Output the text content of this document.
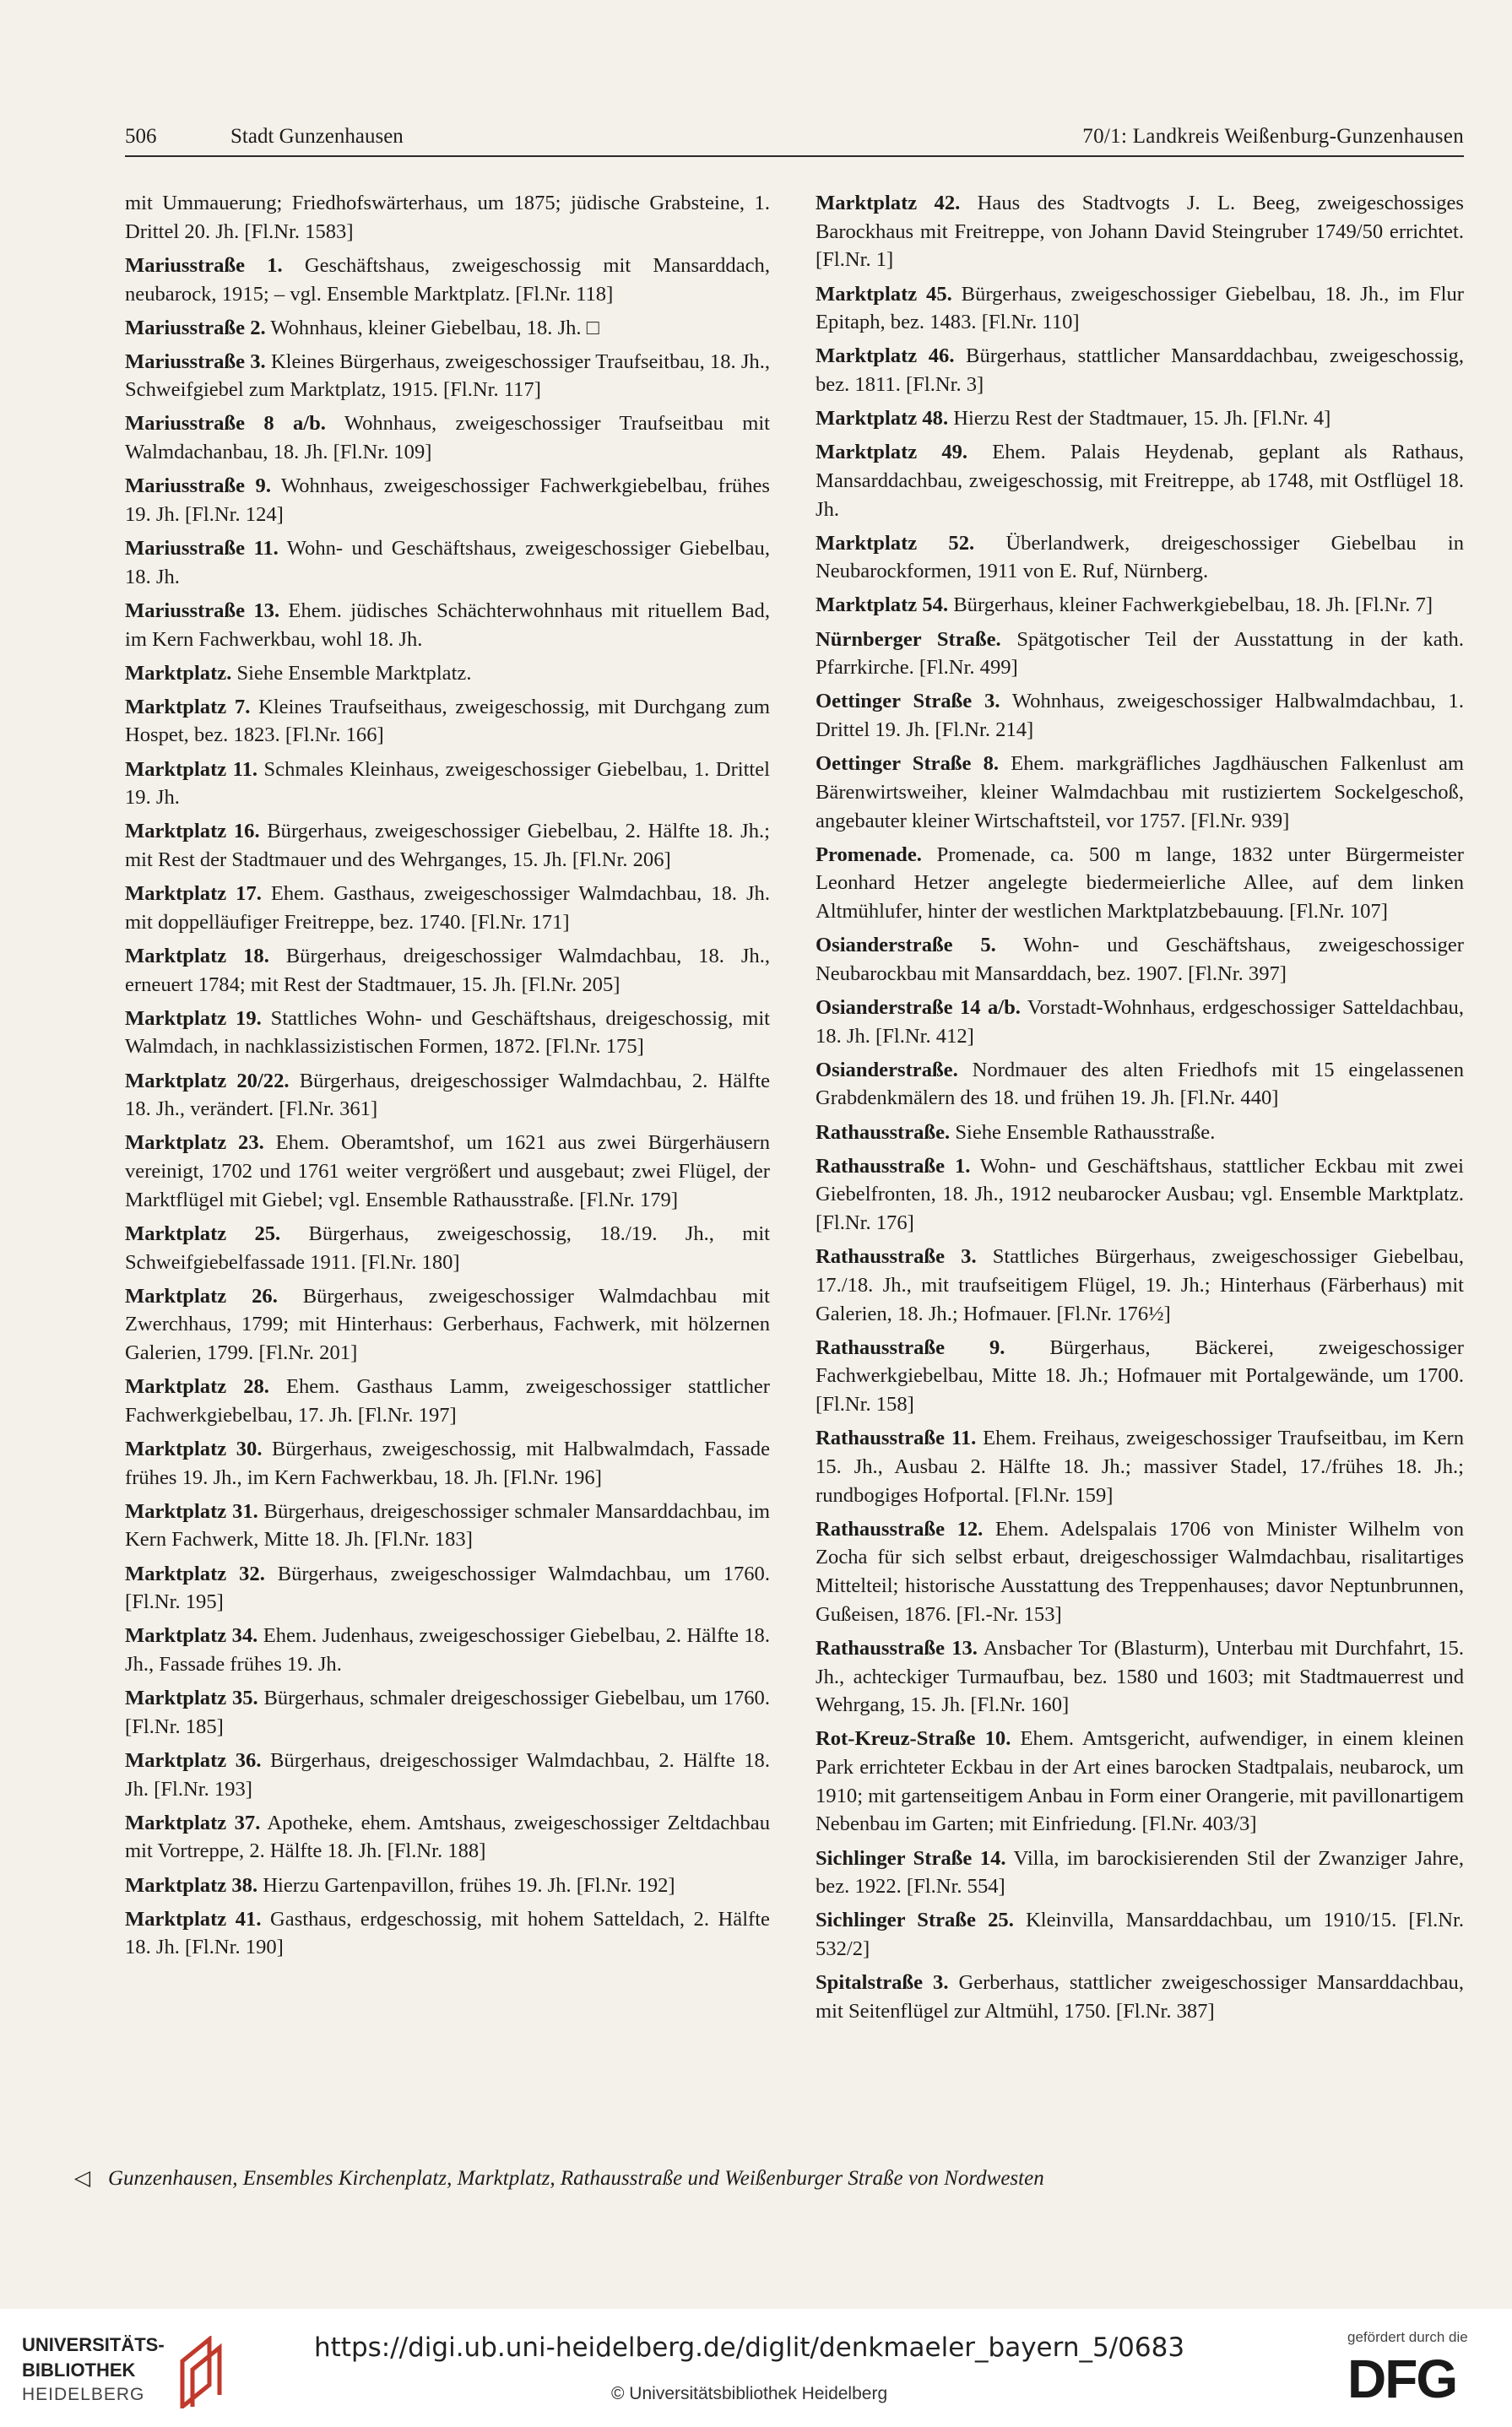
506	Stadt Gunzenhausen	70/1: Landkreis Weißenburg-Gunzenhausen

mit Ummauerung; Friedhofswärterhaus, um 1875; jüdische Grabsteine, 1. Drittel 20. Jh. [Fl.Nr. 1583]

Mariusstraße 1. Geschäftshaus, zweigeschossig mit Mansarddach, neubarock, 1915; – vgl. Ensemble Marktplatz. [Fl.Nr. 118]

Mariusstraße 2. Wohnhaus, kleiner Giebelbau, 18. Jh. □

Mariusstraße 3. Kleines Bürgerhaus, zweigeschossiger Traufseitbau, 18. Jh., Schweifgiebel zum Marktplatz, 1915. [Fl.Nr. 117]

Mariusstraße 8 a/b. Wohnhaus, zweigeschossiger Traufseitbau mit Walmdachanbau, 18. Jh. [Fl.Nr. 109]

Mariusstraße 9. Wohnhaus, zweigeschossiger Fachwerkgiebelbau, frühes 19. Jh. [Fl.Nr. 124]

Mariusstraße 11. Wohn- und Geschäftshaus, zweigeschossiger Giebelbau, 18. Jh.

Mariusstraße 13. Ehem. jüdisches Schächterwohnhaus mit rituellem Bad, im Kern Fachwerkbau, wohl 18. Jh.

Marktplatz. Siehe Ensemble Marktplatz.

Marktplatz 7. Kleines Traufseithaus, zweigeschossig, mit Durchgang zum Hospet, bez. 1823. [Fl.Nr. 166]

Marktplatz 11. Schmales Kleinhaus, zweigeschossiger Giebelbau, 1. Drittel 19. Jh.

Marktplatz 16. Bürgerhaus, zweigeschossiger Giebelbau, 2. Hälfte 18. Jh.; mit Rest der Stadtmauer und des Wehrganges, 15. Jh. [Fl.Nr. 206]

Marktplatz 17. Ehem. Gasthaus, zweigeschossiger Walmdachbau, 18. Jh. mit doppelläufiger Freitreppe, bez. 1740. [Fl.Nr. 171]

Marktplatz 18. Bürgerhaus, dreigeschossiger Walmdachbau, 18. Jh., erneuert 1784; mit Rest der Stadtmauer, 15. Jh. [Fl.Nr. 205]

Marktplatz 19. Stattliches Wohn- und Geschäftshaus, dreigeschossig, mit Walmdach, in nachklassizistischen Formen, 1872. [Fl.Nr. 175]

Marktplatz 20/22. Bürgerhaus, dreigeschossiger Walmdachbau, 2. Hälfte 18. Jh., verändert. [Fl.Nr. 361]

Marktplatz 23. Ehem. Oberamtshof, um 1621 aus zwei Bürgerhäusern vereinigt, 1702 und 1761 weiter vergrößert und ausgebaut; zwei Flügel, der Marktflügel mit Giebel; vgl. Ensemble Rathausstraße. [Fl.Nr. 179]

Marktplatz 25. Bürgerhaus, zweigeschossig, 18./19. Jh., mit Schweifgiebelfassade 1911. [Fl.Nr. 180]

Marktplatz 26. Bürgerhaus, zweigeschossiger Walmdachbau mit Zwerchhaus, 1799; mit Hinterhaus: Gerberhaus, Fachwerk, mit hölzernen Galerien, 1799. [Fl.Nr. 201]

Marktplatz 28. Ehem. Gasthaus Lamm, zweigeschossiger stattlicher Fachwerkgiebelbau, 17. Jh. [Fl.Nr. 197]

Marktplatz 30. Bürgerhaus, zweigeschossig, mit Halbwalmdach, Fassade frühes 19. Jh., im Kern Fachwerkbau, 18. Jh. [Fl.Nr. 196]

Marktplatz 31. Bürgerhaus, dreigeschossiger schmaler Mansarddachbau, im Kern Fachwerk, Mitte 18. Jh. [Fl.Nr. 183]

Marktplatz 32. Bürgerhaus, zweigeschossiger Walmdachbau, um 1760. [Fl.Nr. 195]

Marktplatz 34. Ehem. Judenhaus, zweigeschossiger Giebelbau, 2. Hälfte 18. Jh., Fassade frühes 19. Jh.

Marktplatz 35. Bürgerhaus, schmaler dreigeschossiger Giebelbau, um 1760. [Fl.Nr. 185]

Marktplatz 36. Bürgerhaus, dreigeschossiger Walmdachbau, 2. Hälfte 18. Jh. [Fl.Nr. 193]

Marktplatz 37. Apotheke, ehem. Amtshaus, zweigeschossiger Zeltdachbau mit Vortreppe, 2. Hälfte 18. Jh. [Fl.Nr. 188]

Marktplatz 38. Hierzu Gartenpavillon, frühes 19. Jh. [Fl.Nr. 192]

Marktplatz 41. Gasthaus, erdgeschossig, mit hohem Satteldach, 2. Hälfte 18. Jh. [Fl.Nr. 190]

Marktplatz 42. Haus des Stadtvogts J. L. Beeg, zweigeschossiges Barockhaus mit Freitreppe, von Johann David Steingruber 1749/50 errichtet. [Fl.Nr. 1]

Marktplatz 45. Bürgerhaus, zweigeschossiger Giebelbau, 18. Jh., im Flur Epitaph, bez. 1483. [Fl.Nr. 110]

Marktplatz 46. Bürgerhaus, stattlicher Mansarddachbau, zweigeschossig, bez. 1811. [Fl.Nr. 3]

Marktplatz 48. Hierzu Rest der Stadtmauer, 15. Jh. [Fl.Nr. 4]

Marktplatz 49. Ehem. Palais Heydenab, geplant als Rathaus, Mansarddachbau, zweigeschossig, mit Freitreppe, ab 1748, mit Ostflügel 18. Jh.

Marktplatz 52. Überlandwerk, dreigeschossiger Giebelbau in Neubarockformen, 1911 von E. Ruf, Nürnberg.

Marktplatz 54. Bürgerhaus, kleiner Fachwerkgiebelbau, 18. Jh. [Fl.Nr. 7]

Nürnberger Straße. Spätgotischer Teil der Ausstattung in der kath. Pfarrkirche. [Fl.Nr. 499]

Oettinger Straße 3. Wohnhaus, zweigeschossiger Halbwalmdachbau, 1. Drittel 19. Jh. [Fl.Nr. 214]

Oettinger Straße 8. Ehem. markgräfliches Jagdhäuschen Falkenlust am Bärenwirtsweiher, kleiner Walmdachbau mit rustiziertem Sockelgeschoß, angebauter kleiner Wirtschaftsteil, vor 1757. [Fl.Nr. 939]

Promenade. Promenade, ca. 500 m lange, 1832 unter Bürgermeister Leonhard Hetzer angelegte biedermeierliche Allee, auf dem linken Altmühlufer, hinter der westlichen Marktplatzbebauung. [Fl.Nr. 107]

Osianderstraße 5. Wohn- und Geschäftshaus, zweigeschossiger Neubarockbau mit Mansarddach, bez. 1907. [Fl.Nr. 397]

Osianderstraße 14 a/b. Vorstadt-Wohnhaus, erdgeschossiger Satteldachbau, 18. Jh. [Fl.Nr. 412]

Osianderstraße. Nordmauer des alten Friedhofs mit 15 eingelassenen Grabdenkmälern des 18. und frühen 19. Jh. [Fl.Nr. 440]

Rathausstraße. Siehe Ensemble Rathausstraße.

Rathausstraße 1. Wohn- und Geschäftshaus, stattlicher Eckbau mit zwei Giebelfronten, 18. Jh., 1912 neubarocker Ausbau; vgl. Ensemble Marktplatz. [Fl.Nr. 176]

Rathausstraße 3. Stattliches Bürgerhaus, zweigeschossiger Giebelbau, 17./18. Jh., mit traufseitigem Flügel, 19. Jh.; Hinterhaus (Färberhaus) mit Galerien, 18. Jh.; Hofmauer. [Fl.Nr. 176½]

Rathausstraße 9. Bürgerhaus, Bäckerei, zweigeschossiger Fachwerkgiebelbau, Mitte 18. Jh.; Hofmauer mit Portalgewände, um 1700. [Fl.Nr. 158]

Rathausstraße 11. Ehem. Freihaus, zweigeschossiger Traufseitbau, im Kern 15. Jh., Ausbau 2. Hälfte 18. Jh.; massiver Stadel, 17./frühes 18. Jh.; rundbogiges Hofportal. [Fl.Nr. 159]

Rathausstraße 12. Ehem. Adelspalais 1706 von Minister Wilhelm von Zocha für sich selbst erbaut, dreigeschossiger Walmdachbau, risalitartiges Mittelteil; historische Ausstattung des Treppenhauses; davor Neptunbrunnen, Gußeisen, 1876. [Fl.-Nr. 153]

Rathausstraße 13. Ansbacher Tor (Blasturm), Unterbau mit Durchfahrt, 15. Jh., achteckiger Turmaufbau, bez. 1580 und 1603; mit Stadtmauerrest und Wehrgang, 15. Jh. [Fl.Nr. 160]

Rot-Kreuz-Straße 10. Ehem. Amtsgericht, aufwendiger, in einem kleinen Park errichteter Eckbau in der Art eines barocken Stadtpalais, neubarock, um 1910; mit gartenseitigem Anbau in Form einer Orangerie, mit pavillonartigem Nebenbau im Garten; mit Einfriedung. [Fl.Nr. 403/3]

Sichlinger Straße 14. Villa, im barockisierenden Stil der Zwanziger Jahre, bez. 1922. [Fl.Nr. 554]

Sichlinger Straße 25. Kleinvilla, Mansarddachbau, um 1910/15. [Fl.Nr. 532/2]

Spitalstraße 3. Gerberhaus, stattlicher zweigeschossiger Mansarddachbau, mit Seitenflügel zur Altmühl, 1750. [Fl.Nr. 387]

◁ Gunzenhausen, Ensembles Kirchenplatz, Marktplatz, Rathausstraße und Weißenburger Straße von Nordwesten
UNIVERSITÄTS-
BIBLIOTHEK
HEIDELBERG
https://digi.ub.uni-heidelberg.de/diglit/denkmaeler_bayern_5/0683
© Universitätsbibliothek Heidelberg
gefördert durch die
DFG
